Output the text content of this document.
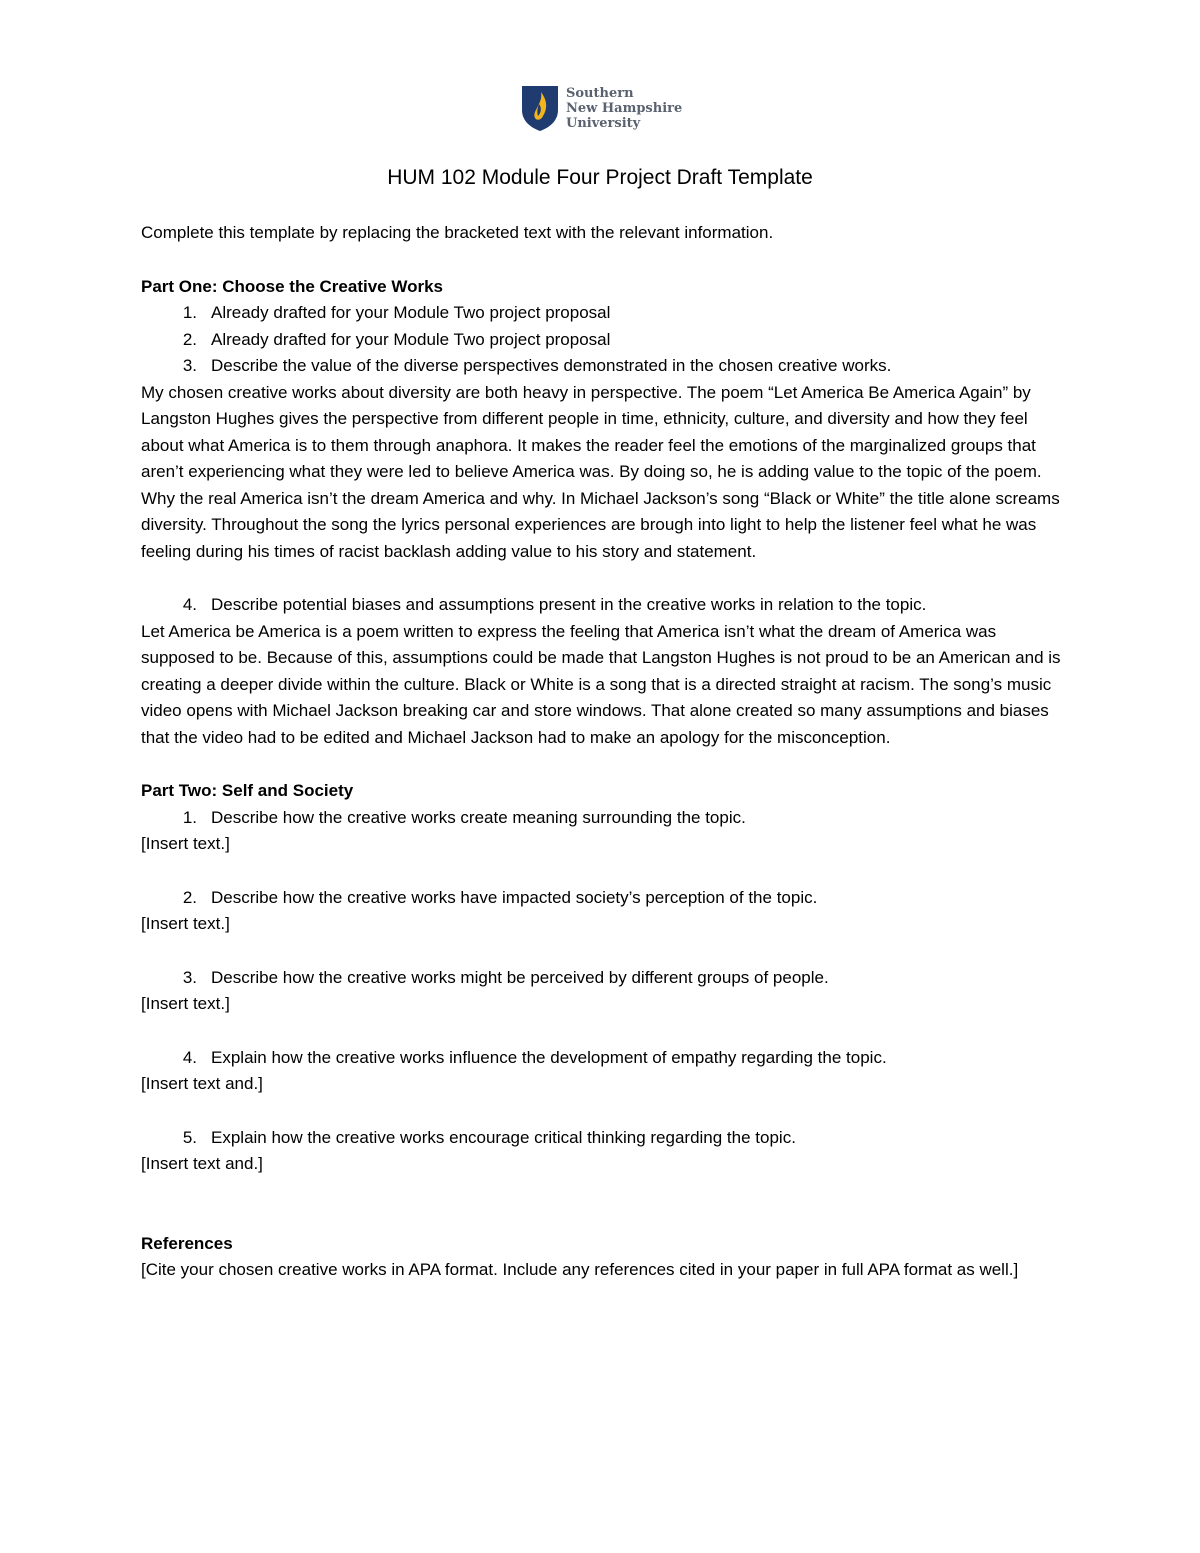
Southern
New Hampshire
University
HUM 102 Module Four Project Draft Template

Complete this template by replacing the bracketed text with the relevant information.

Part One: Choose the Creative Works

1. Already drafted for your Module Two project proposal
2. Already drafted for your Module Two project proposal
3. Describe the value of the diverse perspectives demonstrated in the chosen creative works.

My chosen creative works about diversity are both heavy in perspective. The poem “Let America Be America Again” by Langston Hughes gives the perspective from different people in time, ethnicity, culture, and diversity and how they feel about what America is to them through anaphora. It makes the reader feel the emotions of the marginalized groups that aren’t experiencing what they were led to believe America was. By doing so, he is adding value to the topic of the poem. Why the real America isn’t the dream America and why. In Michael Jackson’s song “Black or White” the title alone screams diversity. Throughout the song the lyrics personal experiences are brough into light to help the listener feel what he was feeling during his times of racist backlash adding value to his story and statement.

4. Describe potential biases and assumptions present in the creative works in relation to the topic.

Let America be America is a poem written to express the feeling that America isn’t what the dream of America was supposed to be. Because of this, assumptions could be made that Langston Hughes is not proud to be an American and is creating a deeper divide within the culture. Black or White is a song that is a directed straight at racism. The song’s music video opens with Michael Jackson breaking car and store windows. That alone created so many assumptions and biases that the video had to be edited and Michael Jackson had to make an apology for the misconception.

Part Two: Self and Society

1. Describe how the creative works create meaning surrounding the topic.

[Insert text.]

2. Describe how the creative works have impacted society’s perception of the topic.

[Insert text.]

3. Describe how the creative works might be perceived by different groups of people.

[Insert text.]

4. Explain how the creative works influence the development of empathy regarding the topic.

[Insert text and.]

5. Explain how the creative works encourage critical thinking regarding the topic.

[Insert text and.]

References

[Cite your chosen creative works in APA format. Include any references cited in your paper in full APA format as well.]
